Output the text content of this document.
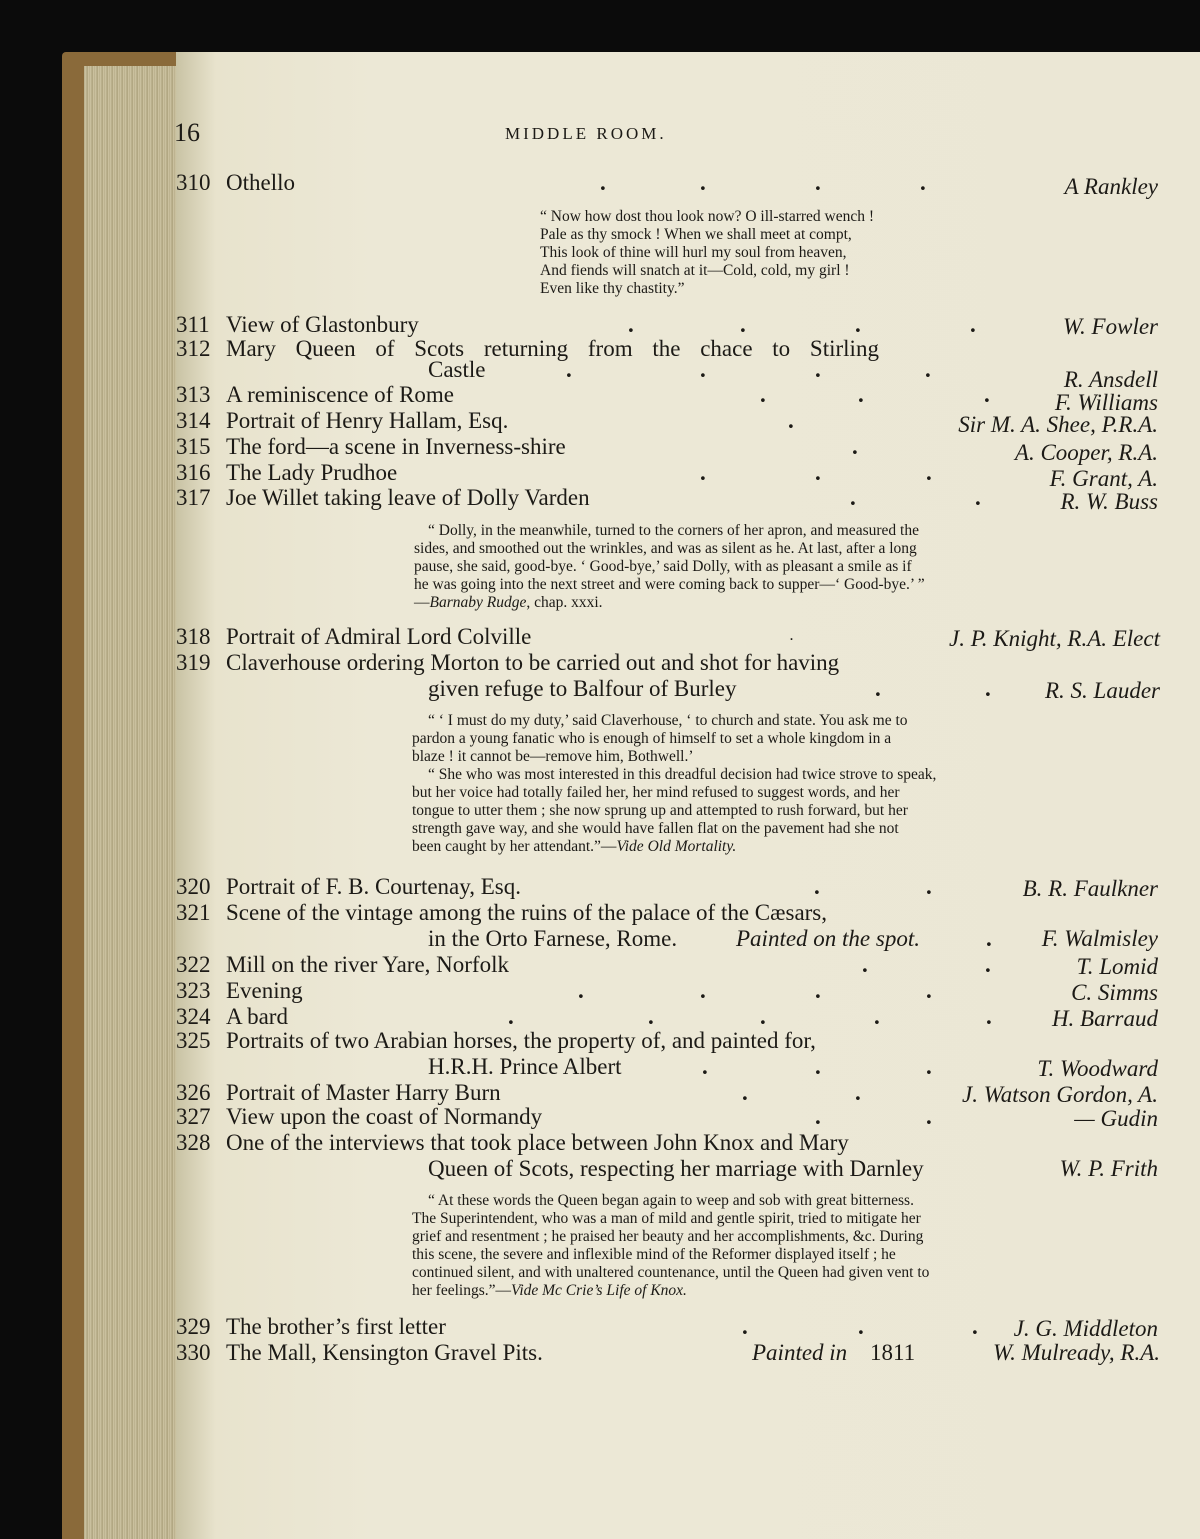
16	MIDDLE ROOM.
310 Othello	.	.	.	.	A Rankley
“ Now how dost thou look now? O ill-starred wench !
Pale as thy smock ! When we shall meet at compt,
This look of thine will hurl my soul from heaven,
And fiends will snatch at it—Cold, cold, my girl !
Even like thy chastity.”
311 View of Glastonbury	.	.	.	.	W. Fowler
312 Mary Queen of Scots returning from the chace to Stirling
Castle	.	.	.	.	R. Ansdell
313 A reminiscence of Rome	.	.	.	F. Williams
314 Portrait of Henry Hallam, Esq.	.	Sir M. A. Shee, P.R.A.
315 The ford—a scene in Inverness-shire	.	A. Cooper, R.A.
316 The Lady Prudhoe	.	.	.	F. Grant, A.
317 Joe Willet taking leave of Dolly Varden	.	.	R. W. Buss
“ Dolly, in the meanwhile, turned to the corners of her apron, and measured the
sides, and smoothed out the wrinkles, and was as silent as he. At last, after a long
pause, she said, good-bye. ‘ Good-bye,’ said Dolly, with as pleasant a smile as if
he was going into the next street and were coming back to supper—‘ Good-bye.’ ”
—Barnaby Rudge, chap. xxxi.
318 Portrait of Admiral Lord Colville	.	J. P. Knight, R.A. Elect
319 Claverhouse ordering Morton to be carried out and shot for having
given refuge to Balfour of Burley	.	. R. S. Lauder
“ ‘ I must do my duty,’ said Claverhouse, ‘ to church and state. You ask me to
pardon a young fanatic who is enough of himself to set a whole kingdom in a
blaze ! it cannot be—remove him, Bothwell.’
“ She who was most interested in this dreadful decision had twice strove to speak,
but her voice had totally failed her, her mind refused to suggest words, and her
tongue to utter them ; she now sprung up and attempted to rush forward, but her
strength gave way, and she would have fallen flat on the pavement had she not
been caught by her attendant.”—Vide Old Mortality.
320 Portrait of F. B. Courtenay, Esq.	.	.	B. R. Faulkner
321 Scene of the vintage among the ruins of the palace of the Cæsars,
in the Orto Farnese, Rome.	Painted on the spot.	. F. Walmisley
322 Mill on the river Yare, Norfolk	.	.	T. Lomid
323 Evening	.	.	.	.	C. Simms
324 A bard	.	.	.	.	.	H. Barraud
325 Portraits of two Arabian horses, the property of, and painted for,
H.R.H. Prince Albert	.	.	.	T. Woodward
326 Portrait of Master Harry Burn	.	.	J. Watson Gordon, A.
327 View upon the coast of Normandy	.	.	— Gudin
328 One of the interviews that took place between John Knox and Mary
Queen of Scots, respecting her marriage with Darnley	W. P. Frith
“ At these words the Queen began again to weep and sob with great bitterness.
The Superintendent, who was a man of mild and gentle spirit, tried to mitigate her
grief and resentment ; he praised her beauty and her accomplishments, &c. During
this scene, the severe and inflexible mind of the Reformer displayed itself ; he
continued silent, and with unaltered countenance, until the Queen had given vent to
her feelings.”—Vide Mc Crie’s Life of Knox.
329 The brother’s first letter	.	.	. J. G. Middleton
330 The Mall, Kensington Gravel Pits.	Painted in 1811	W. Mulready, R.A.
